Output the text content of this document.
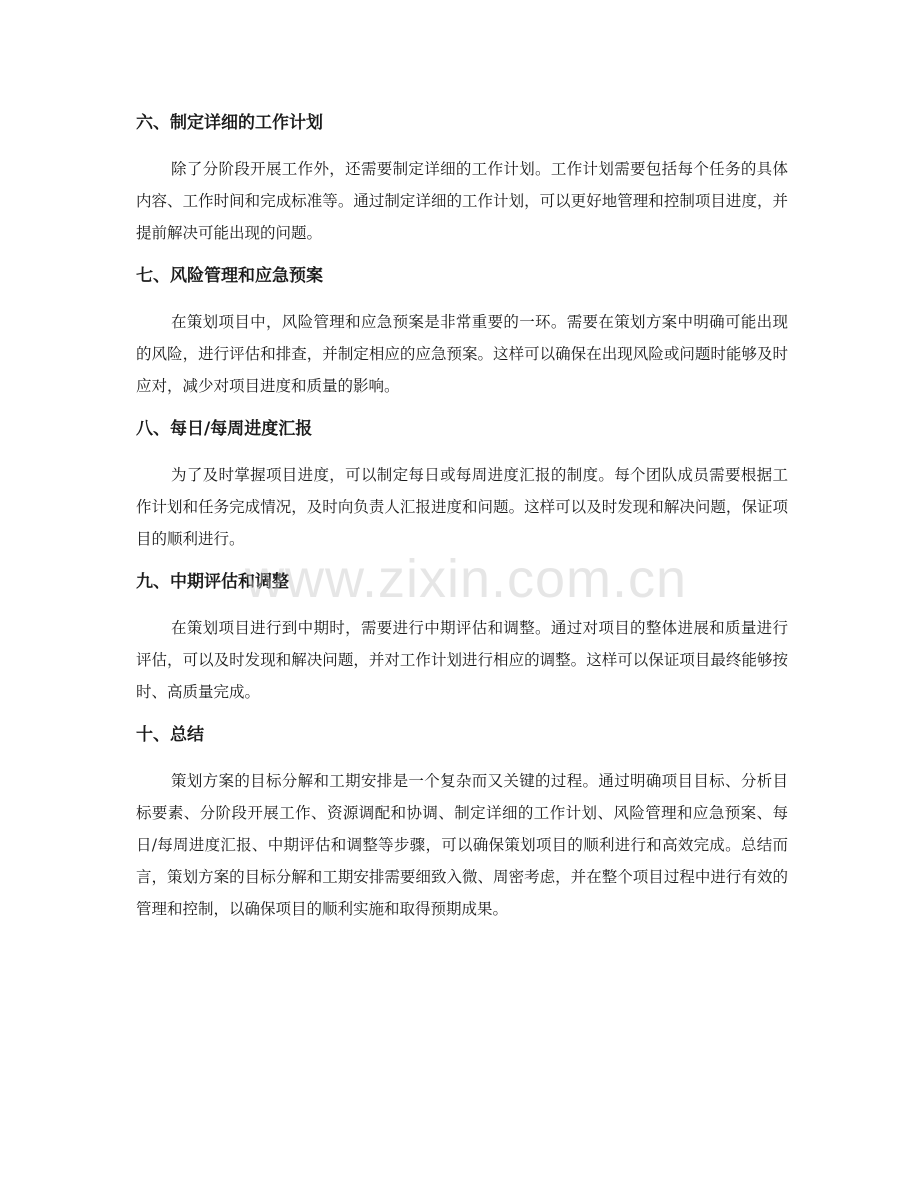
六、制定详细的工作计划

除了分阶段开展工作外，还需要制定详细的工作计划。工作计划需要包括每个任务的具体内容、工作时间和完成标准等。通过制定详细的工作计划，可以更好地管理和控制项目进度，并提前解决可能出现的问题。

七、风险管理和应急预案

在策划项目中，风险管理和应急预案是非常重要的一环。需要在策划方案中明确可能出现的风险，进行评估和排查，并制定相应的应急预案。这样可以确保在出现风险或问题时能够及时应对，减少对项目进度和质量的影响。

八、每日/每周进度汇报

为了及时掌握项目进度，可以制定每日或每周进度汇报的制度。每个团队成员需要根据工作计划和任务完成情况，及时向负责人汇报进度和问题。这样可以及时发现和解决问题，保证项目的顺利进行。

九、中期评估和调整

在策划项目进行到中期时，需要进行中期评估和调整。通过对项目的整体进展和质量进行评估，可以及时发现和解决问题，并对工作计划进行相应的调整。这样可以保证项目最终能够按时、高质量完成。

十、总结

策划方案的目标分解和工期安排是一个复杂而又关键的过程。通过明确项目目标、分析目标要素、分阶段开展工作、资源调配和协调、制定详细的工作计划、风险管理和应急预案、每日/每周进度汇报、中期评估和调整等步骤，可以确保策划项目的顺利进行和高效完成。总结而言，策划方案的目标分解和工期安排需要细致入微、周密考虑，并在整个项目过程中进行有效的管理和控制，以确保项目的顺利实施和取得预期成果。

www.zixin.com.cn
